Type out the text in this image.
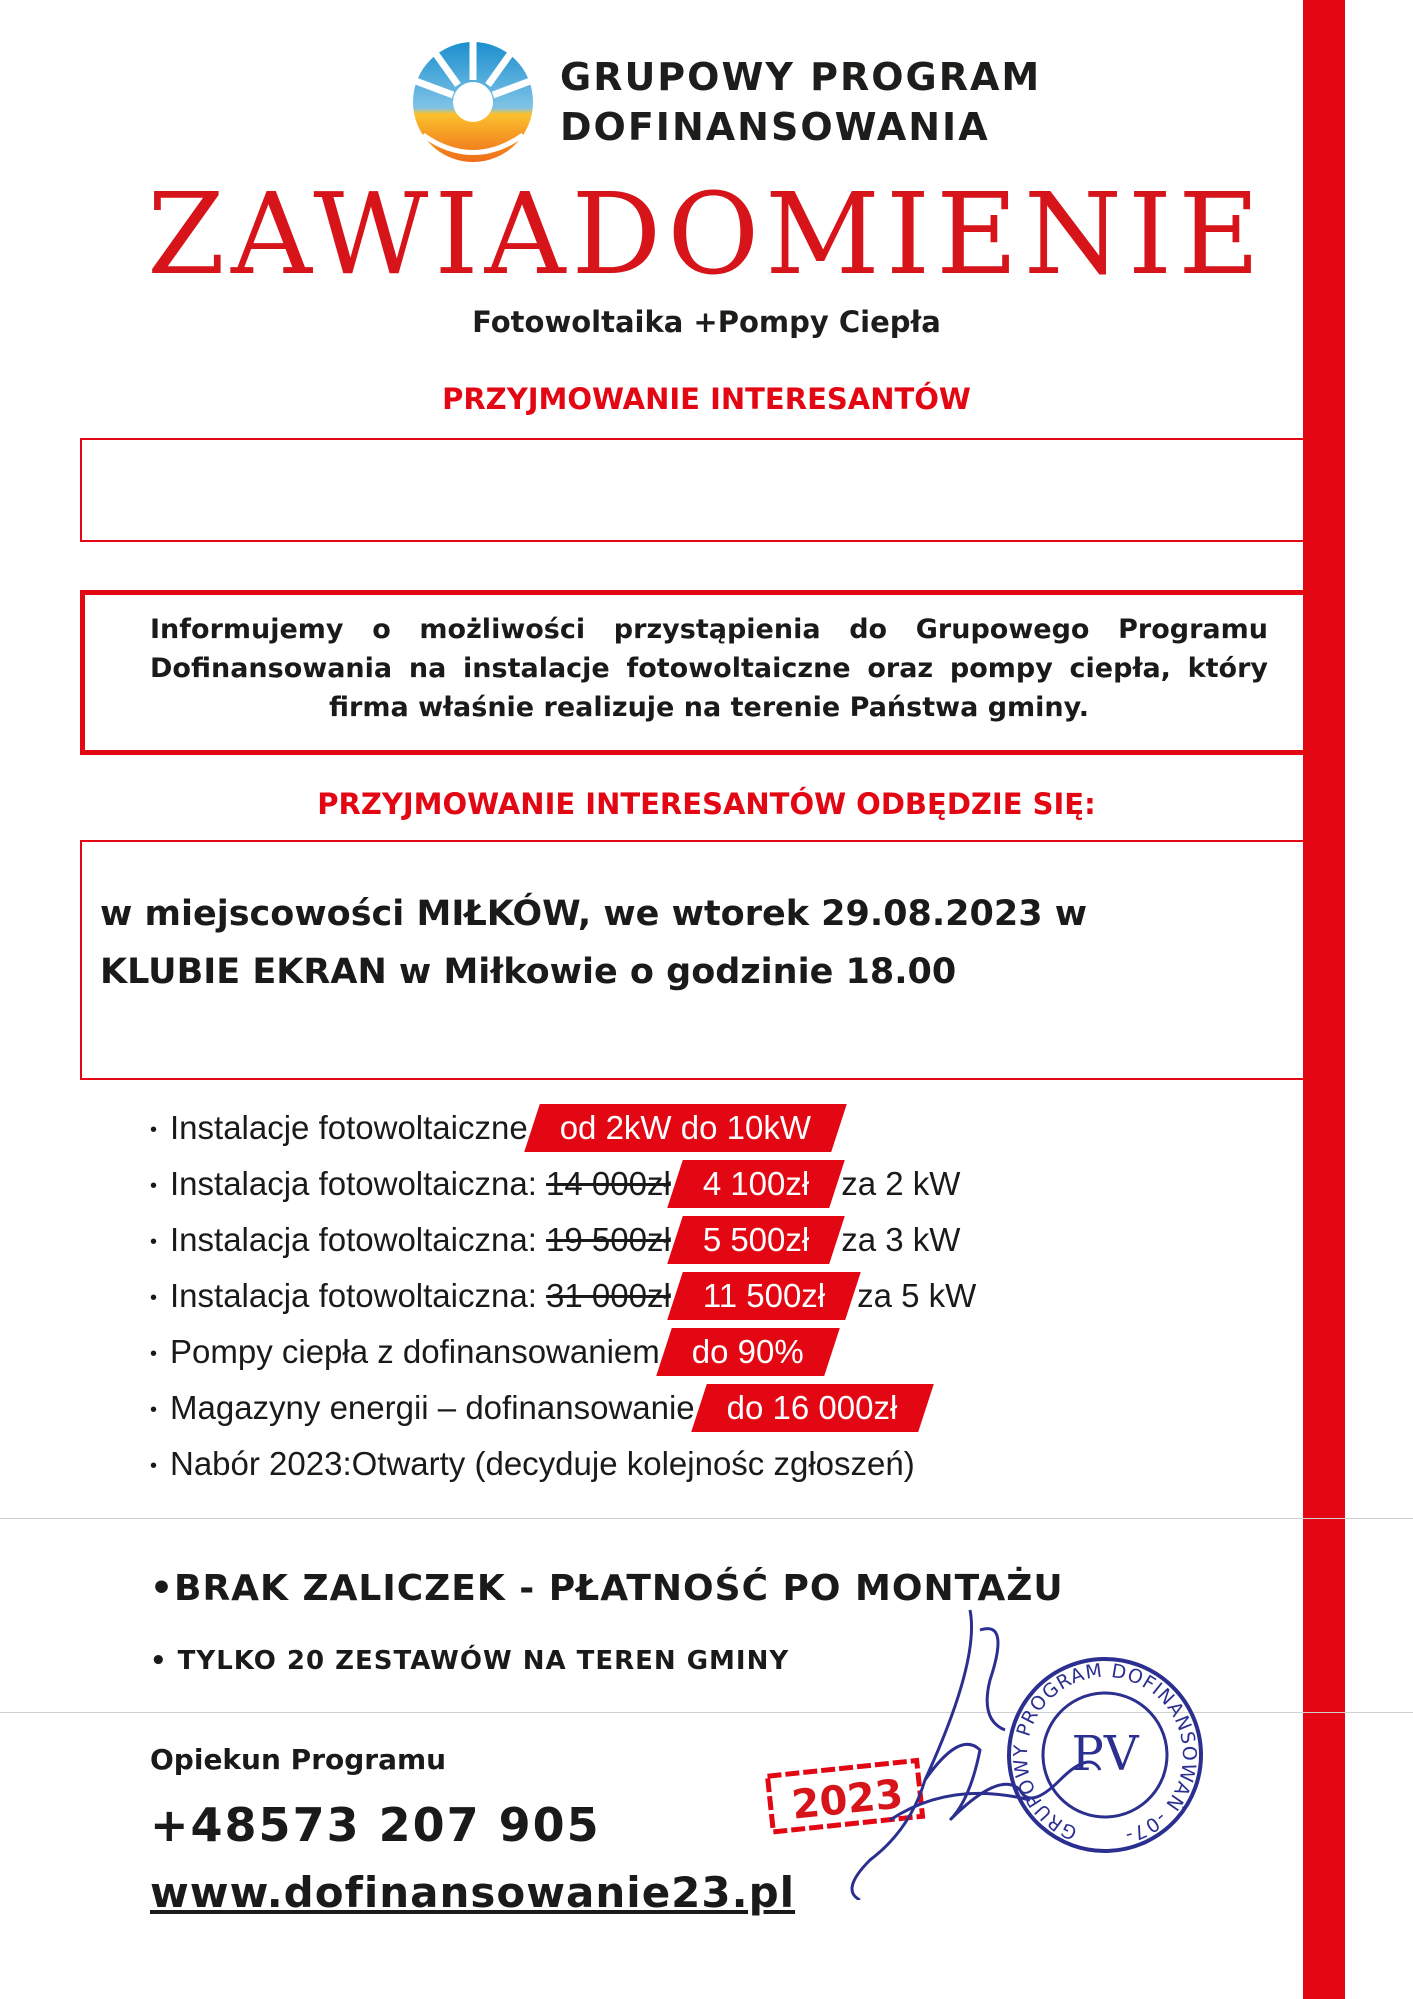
GRUPOWY PROGRAM
DOFINANSOWANIA
ZAWIADOMIENIE
Fotowoltaika +Pompy Ciepła
PRZYJMOWANIE INTERESANTÓW
Informujemy o możliwości przystąpienia do Grupowego Programu Dofinansowania na instalacje fotowoltaiczne oraz pompy ciepła, który firma właśnie realizuje na terenie Państwa gminy.
PRZYJMOWANIE INTERESANTÓW ODBĘDZIE SIĘ:
w miejscowości MIŁKÓW, we wtorek 29.08.2023 w
KLUBIE EKRAN w Miłkowie o godzinie 18.00
• Instalacje fotowoltaiczne od 2kW do 10kW
• Instalacja fotowoltaiczna: 14 000zł 4 100zł za 2 kW
• Instalacja fotowoltaiczna: 19 500zł 5 500zł za 3 kW
• Instalacja fotowoltaiczna: 31 000zł 11 500zł za 5 kW
• Pompy ciepła z dofinansowaniem do 90%
• Magazyny energii – dofinansowanie do 16 000zł
• Nabór 2023:Otwarty (decyduje kolejnośc zgłoszeń)
•BRAK ZALICZEK - PŁATNOŚĆ PO MONTAŻU
• TYLKO 20 ZESTAWÓW NA TEREN GMINY
Opiekun Programu
+48573 207 905
www.dofinansowanie23.pl
2023
GRUPOWY PROGRAM DOFINANSOWAŃ -07-
PV
